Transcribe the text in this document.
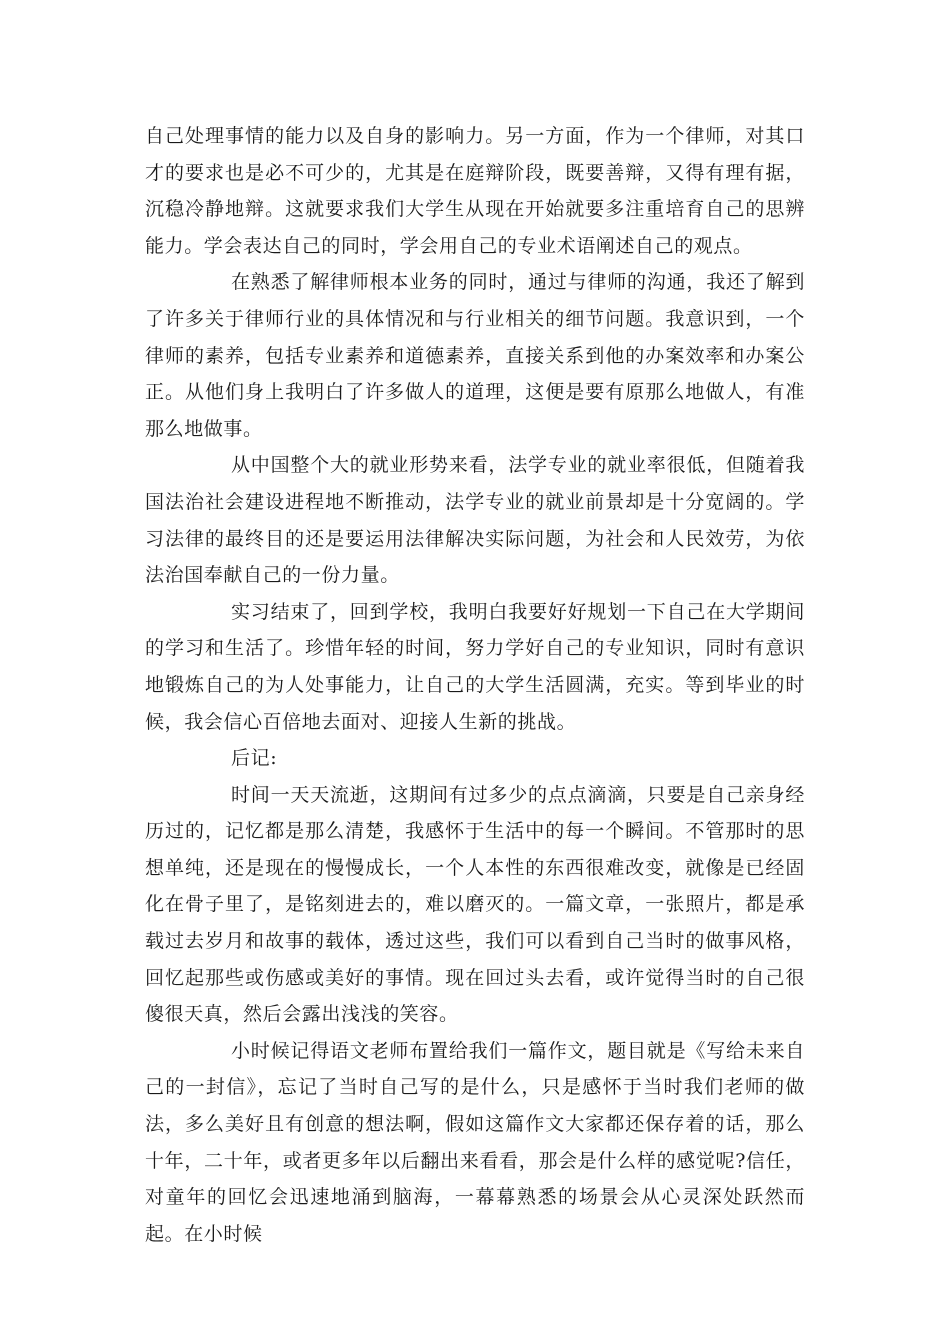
自己处理事情的能力以及自身的影响力。另一方面，作为一个律师，对其口才的要求也是必不可少的，尤其是在庭辩阶段，既要善辩，又得有理有据，沉稳冷静地辩。这就要求我们大学生从现在开始就要多注重培育自己的思辨能力。学会表达自己的同时，学会用自己的专业术语阐述自己的观点。

在熟悉了解律师根本业务的同时，通过与律师的沟通，我还了解到了许多关于律师行业的具体情况和与行业相关的细节问题。我意识到，一个律师的素养，包括专业素养和道德素养，直接关系到他的办案效率和办案公正。从他们身上我明白了许多做人的道理，这便是要有原那么地做人，有准那么地做事。

从中国整个大的就业形势来看，法学专业的就业率很低，但随着我国法治社会建设进程地不断推动，法学专业的就业前景却是十分宽阔的。学习法律的最终目的还是要运用法律解决实际问题，为社会和人民效劳，为依法治国奉献自己的一份力量。

实习结束了，回到学校，我明白我要好好规划一下自己在大学期间的学习和生活了。珍惜年轻的时间，努力学好自己的专业知识，同时有意识地锻炼自己的为人处事能力，让自己的大学生活圆满，充实。等到毕业的时候，我会信心百倍地去面对、迎接人生新的挑战。

后记:

时间一天天流逝，这期间有过多少的点点滴滴，只要是自己亲身经历过的，记忆都是那么清楚，我感怀于生活中的每一个瞬间。不管那时的思想单纯，还是现在的慢慢成长，一个人本性的东西很难改变，就像是已经固化在骨子里了，是铭刻进去的，难以磨灭的。一篇文章，一张照片，都是承载过去岁月和故事的载体，透过这些，我们可以看到自己当时的做事风格，回忆起那些或伤感或美好的事情。现在回过头去看，或许觉得当时的自己很傻很天真，然后会露出浅浅的笑容。

小时候记得语文老师布置给我们一篇作文，题目就是《写给未来自己的一封信》，忘记了当时自己写的是什么，只是感怀于当时我们老师的做法，多么美好且有创意的想法啊，假如这篇作文大家都还保存着的话，那么十年，二十年，或者更多年以后翻出来看看，那会是什么样的感觉呢?信任，对童年的回忆会迅速地涌到脑海，一幕幕熟悉的场景会从心灵深处跃然而起。在小时候
